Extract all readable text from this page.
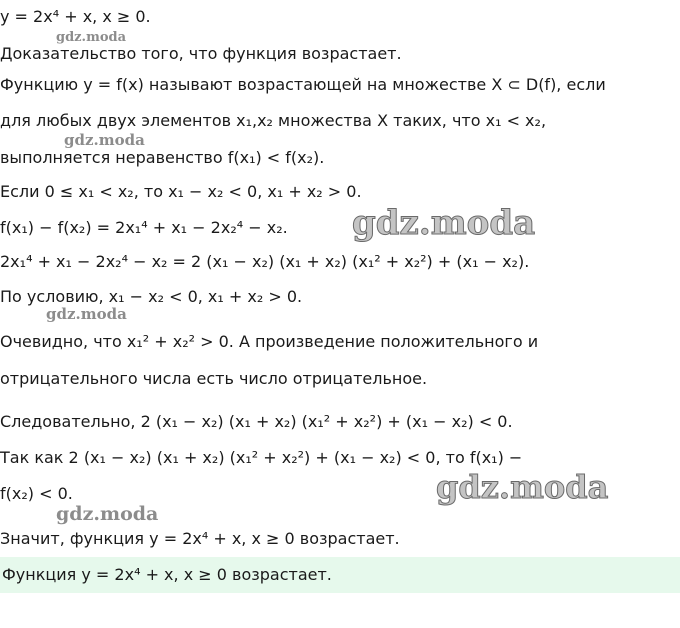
gdz.moda
gdz.moda
gdz.moda
gdz.moda
gdz.moda
gdz.moda
y = 2x⁴ + x, x ≥ 0.
Доказательство того, что функция возрастает.
Функцию y = f(x) называют возрастающей на множестве X ⊂ D(f), если
для любых двух элементов x₁,x₂ множества X таких, что x₁ < x₂,
выполняется неравенство f(x₁) < f(x₂).
Если 0 ≤ x₁ < x₂, то x₁ − x₂ < 0, x₁ + x₂ > 0.
f(x₁) − f(x₂) = 2x₁⁴ + x₁ − 2x₂⁴ − x₂.
2x₁⁴ + x₁ − 2x₂⁴ − x₂ = 2 (x₁ − x₂) (x₁ + x₂) (x₁² + x₂²) + (x₁ − x₂).
По условию, x₁ − x₂ < 0, x₁ + x₂ > 0.
Очевидно, что x₁² + x₂² > 0. А произведение положительного и
отрицательного числа есть число отрицательное.
Следовательно, 2 (x₁ − x₂) (x₁ + x₂) (x₁² + x₂²) + (x₁ − x₂) < 0.
Так как 2 (x₁ − x₂) (x₁ + x₂) (x₁² + x₂²) + (x₁ − x₂) < 0, то f(x₁) −
f(x₂) < 0.
Значит, функция y = 2x⁴ + x, x ≥ 0 возрастает.
Функция y = 2x⁴ + x, x ≥ 0 возрастает.
